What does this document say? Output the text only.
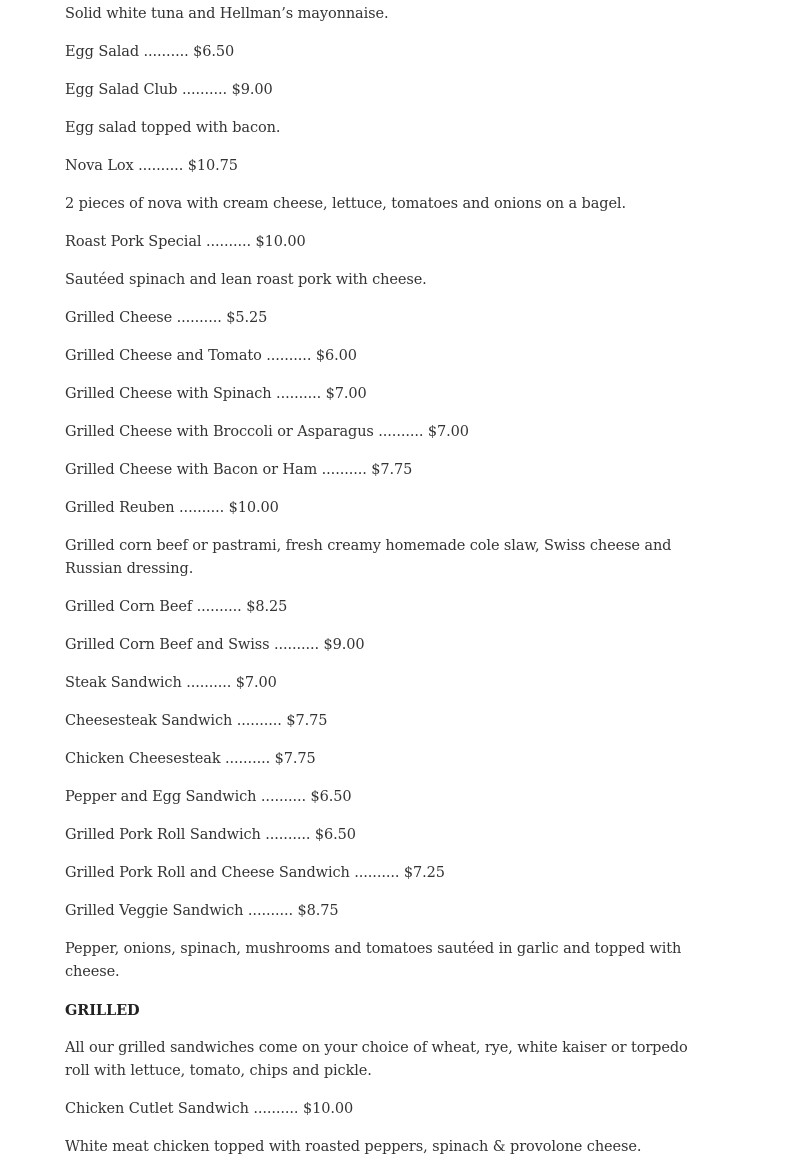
Solid white tuna and Hellman’s mayonnaise.

Egg Salad .......... $6.50

Egg Salad Club .......... $9.00

Egg salad topped with bacon.

Nova Lox .......... $10.75

2 pieces of nova with cream cheese, lettuce, tomatoes and onions on a bagel.

Roast Pork Special .......... $10.00

Sautéed spinach and lean roast pork with cheese.

Grilled Cheese .......... $5.25

Grilled Cheese and Tomato .......... $6.00

Grilled Cheese with Spinach .......... $7.00

Grilled Cheese with Broccoli or Asparagus .......... $7.00

Grilled Cheese with Bacon or Ham .......... $7.75

Grilled Reuben .......... $10.00

Grilled corn beef or pastrami, fresh creamy homemade cole slaw, Swiss cheese and Russian dressing.

Grilled Corn Beef .......... $8.25

Grilled Corn Beef and Swiss .......... $9.00

Steak Sandwich .......... $7.00

Cheesesteak Sandwich .......... $7.75

Chicken Cheesesteak .......... $7.75

Pepper and Egg Sandwich .......... $6.50

Grilled Pork Roll Sandwich .......... $6.50

Grilled Pork Roll and Cheese Sandwich .......... $7.25

Grilled Veggie Sandwich .......... $8.75

Pepper, onions, spinach, mushrooms and tomatoes sautéed in garlic and topped with cheese.

GRILLED

All our grilled sandwiches come on your choice of wheat, rye, white kaiser or torpedo roll with lettuce, tomato, chips and pickle.

Chicken Cutlet Sandwich .......... $10.00

White meat chicken topped with roasted peppers, spinach & provolone cheese.
